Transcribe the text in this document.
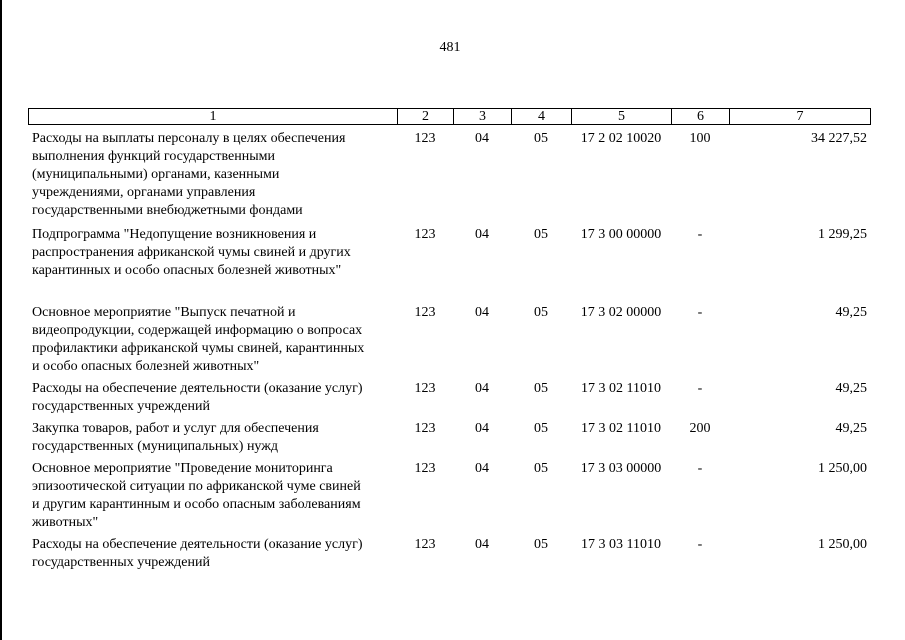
481
1	2	3	4	5	6	7
Расходы на выплаты персоналу в целях обеспечения
выполнения функций государственными
(муниципальными) органами, казенными
учреждениями, органами управления
государственными внебюджетными фондами
123	04	05	17 2 02 10020	100	34 227,52
Подпрограмма "Недопущение возникновения и
распространения африканской чумы свиней и других
карантинных и особо опасных болезней животных"
123	04	05	17 3 00 00000	-	1 299,25
Основное мероприятие "Выпуск печатной и
видеопродукции, содержащей информацию о вопросах
профилактики африканской чумы свиней, карантинных
и особо опасных болезней животных"
123	04	05	17 3 02 00000	-	49,25
Расходы на обеспечение деятельности (оказание услуг)
государственных учреждений
123	04	05	17 3 02 11010	-	49,25
Закупка товаров, работ и услуг для обеспечения
государственных (муниципальных) нужд
123	04	05	17 3 02 11010	200	49,25
Основное мероприятие "Проведение мониторинга
эпизоотической ситуации по африканской чуме свиней
и другим карантинным и особо опасным заболеваниям
животных"
123	04	05	17 3 03 00000	-	1 250,00
Расходы на обеспечение деятельности (оказание услуг)
государственных учреждений
123	04	05	17 3 03 11010	-	1 250,00
